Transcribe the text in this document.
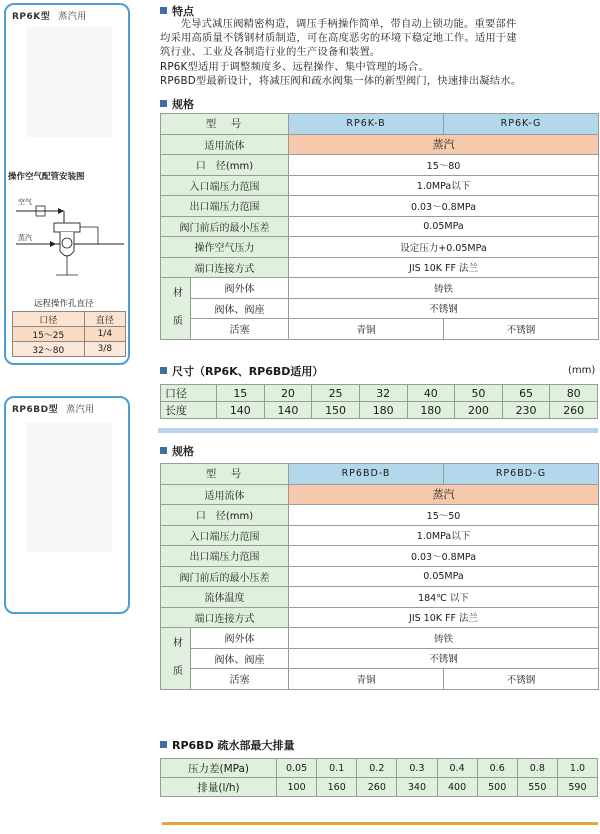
RP6K型 蒸汽用
操作空气配管安装图
空气
蒸汽
远程操作孔直径
口径	直径
15～25	1/4
32～80	3/8
RP6BD型 蒸汽用
特点

先导式减压阀精密构造，调压手柄操作简单，带自动上锁功能。重要部件

均采用高质量不锈钢材质制造，可在高度恶劣的环境下稳定地工作。适用于建

筑行业、工业及各制造行业的生产设备和装置。

RP6K型适用于调整频度多、远程操作、集中管理的场合。

RP6BD型最新设计，将减压阀和疏水阀集一体的新型阀门，快速排出凝结水。

规格
型　号		RP6K-B	RP6K-G
适用流体		蒸汽	
口　径(mm)		15～80	
入口端压力范围		1.0MPa以下	
出口端压力范围		0.03～0.8MPa	
阀门前后的最小压差		0.05MPa	
操作空气压力		设定压力+0.05MPa	
端口连接方式		JIS 10K FF 法兰	
材　质	阀外体	铸铁	
	阀体、阀座	不锈钢	
	活塞	青铜	不锈钢
尺寸（RP6K、RP6BD适用）	(mm)
口径	15	20	25	32	40	50	65	80
长度	140	140	150	180	180	200	230	260
规格
型　号		RP6BD-B	RP6BD-G
适用流体		蒸汽	
口　径(mm)		15～50	
入口端压力范围		1.0MPa以下	
出口端压力范围		0.03～0.8MPa	
阀门前后的最小压差		0.05MPa	
流体温度		184℃ 以下	
端口连接方式		JIS 10K FF 法兰	
材　质	阀外体	铸铁	
	阀体、阀座	不锈钢	
	活塞	青铜	不锈钢
RP6BD 疏水部最大排量
压力差(MPa)	0.05	0.1	0.2	0.3	0.4	0.6	0.8	1.0
排量(l/h)	100	160	260	340	400	500	550	590
